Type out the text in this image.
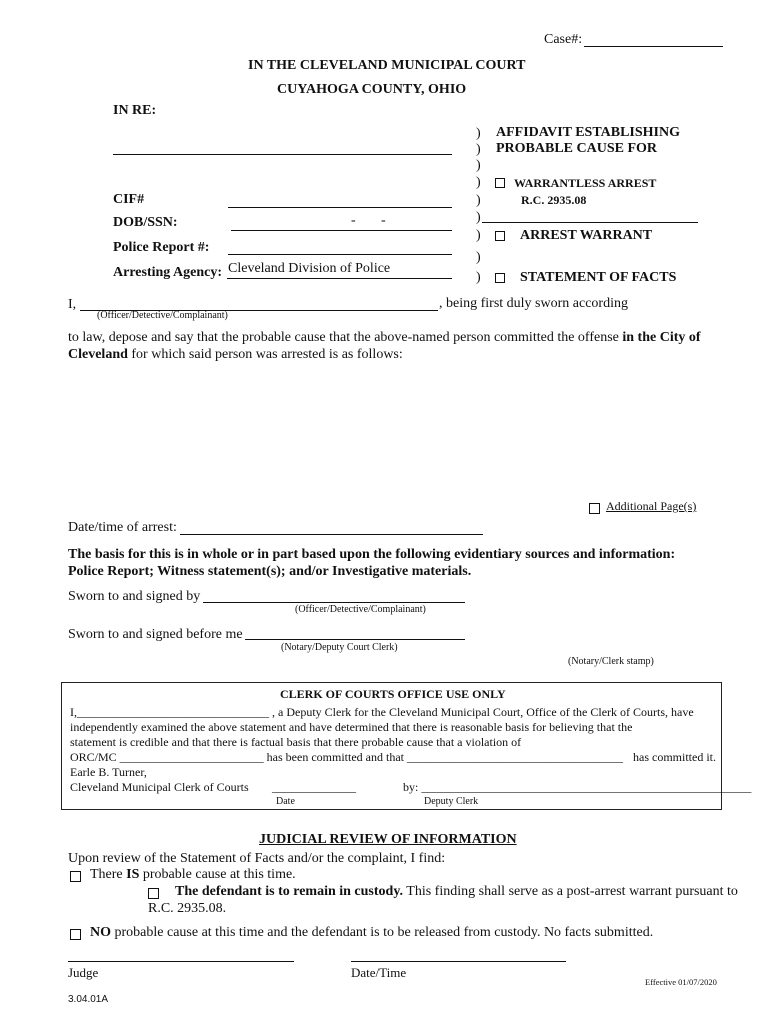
Case#:
IN THE CLEVELAND MUNICIPAL COURT
CUYAHOGA COUNTY, OHIO
IN RE:
CIF#
DOB/SSN:	- -
Police Report #:
Arresting Agency: Cleveland Division of Police
)
)
)
)
)
)
)
)
)
AFFIDAVIT ESTABLISHING
PROBABLE CAUSE FOR
WARRANTLESS ARREST
R.C. 2935.08
ARREST WARRANT
STATEMENT OF FACTS
I,	, being first duly sworn according
(Officer/Detective/Complainant)
to law, depose and say that the probable cause that the above-named person committed the offense in the City of
Cleveland for which said person was arrested is as follows:
Additional Page(s)
Date/time of arrest:
The basis for this is in whole or in part based upon the following evidentiary sources and information:
Police Report; Witness statement(s); and/or Investigative materials.
Sworn to and signed by
(Officer/Detective/Complainant)
Sworn to and signed before me
(Notary/Deputy Court Clerk)
(Notary/Clerk stamp)
CLERK OF COURTS OFFICE USE ONLY
I,________________________________ , a Deputy Clerk for the Cleveland Municipal Court, Office of the Clerk of Courts, have
independently examined the above statement and have determined that there is reasonable basis for believing that the
statement is credible and that there is factual basis that there probable cause that a violation of
ORC/MC ________________________ has been committed and that ____________________________________ has committed it.
Earle B. Turner,
Cleveland Municipal Clerk of Courts ______________	by: _______________________________________________________
Date	Deputy Clerk
JUDICIAL REVIEW OF INFORMATION
Upon review of the Statement of Facts and/or the complaint, I find:
There IS probable cause at this time.
The defendant is to remain in custody. This finding shall serve as a post-arrest warrant pursuant to
R.C. 2935.08.
NO probable cause at this time and the defendant is to be released from custody. No facts submitted.
Judge	Date/Time
Effective 01/07/2020
3.04.01A
